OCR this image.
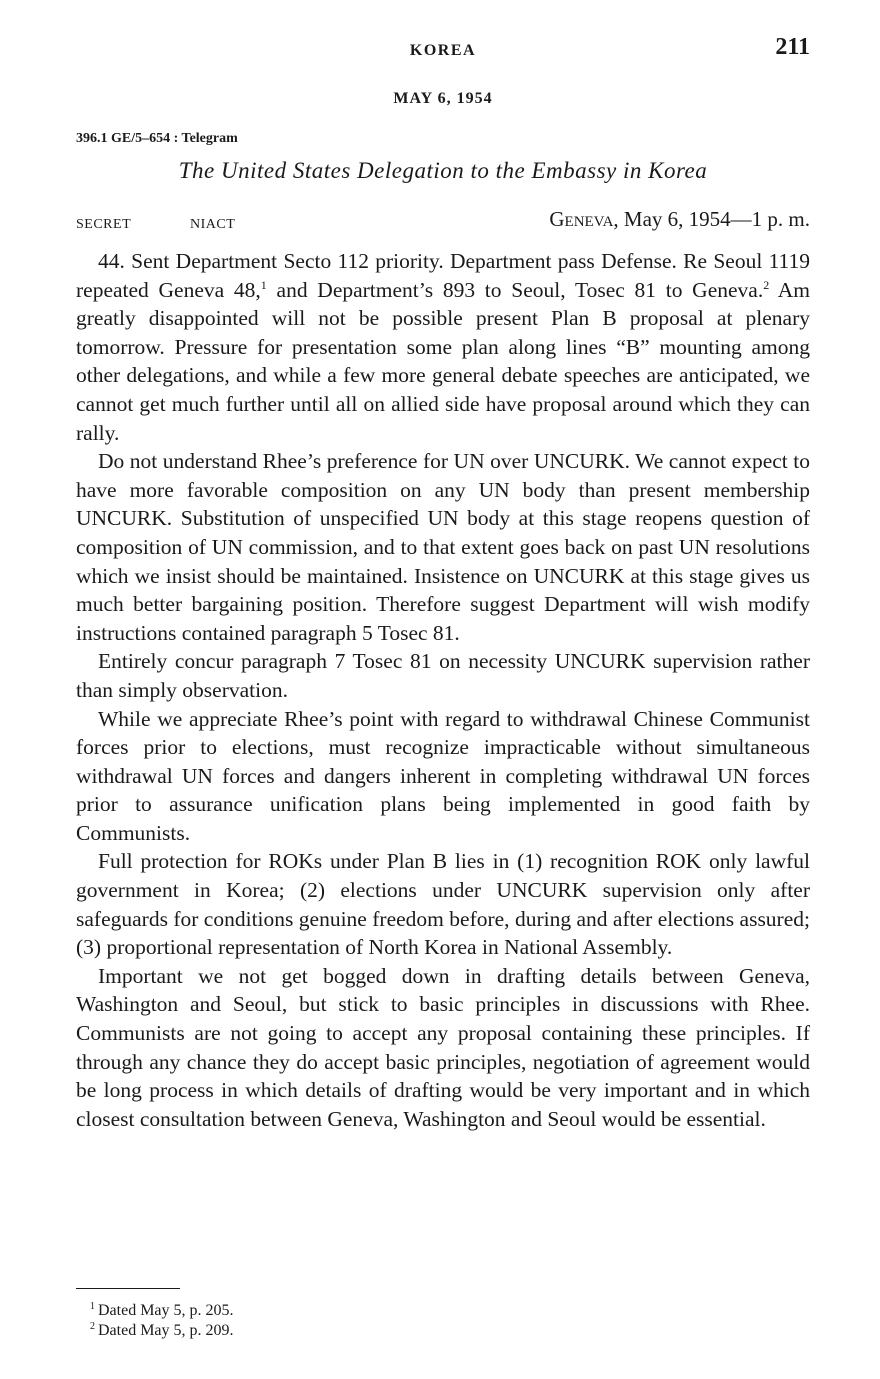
KOREA	211
MAY 6, 1954
396.1 GE/5–654 : Telegram
The United States Delegation to the Embassy in Korea
SECRET	NIACT	Geneva, May 6, 1954—1 p. m.

44. Sent Department Secto 112 priority. Department pass Defense. Re Seoul 1119 repeated Geneva 48,$^1$ and Department’s 893 to Seoul, Tosec 81 to Geneva.$^2$ Am greatly disappointed will not be possible present Plan B proposal at plenary tomorrow. Pressure for presentation some plan along lines “B” mounting among other delegations, and while a few more general debate speeches are anticipated, we cannot get much further until all on allied side have proposal around which they can rally.

Do not understand Rhee’s preference for UN over UNCURK. We cannot expect to have more favorable composition on any UN body than present membership UNCURK. Substitution of unspecified UN body at this stage reopens question of composition of UN commission, and to that extent goes back on past UN resolutions which we insist should be maintained. Insistence on UNCURK at this stage gives us much better bargaining position. Therefore suggest Department will wish modify instructions contained paragraph 5 Tosec 81.

Entirely concur paragraph 7 Tosec 81 on necessity UNCURK supervision rather than simply observation.

While we appreciate Rhee’s point with regard to withdrawal Chinese Communist forces prior to elections, must recognize impracticable without simultaneous withdrawal UN forces and dangers inherent in completing withdrawal UN forces prior to assurance unification plans being implemented in good faith by Communists.

Full protection for ROKs under Plan B lies in (1) recognition ROK only lawful government in Korea; (2) elections under UNCURK supervision only after safeguards for conditions genuine freedom before, during and after elections assured; (3) proportional representation of North Korea in National Assembly.

Important we not get bogged down in drafting details between Geneva, Washington and Seoul, but stick to basic principles in discussions with Rhee. Communists are not going to accept any proposal containing these principles. If through any chance they do accept basic principles, negotiation of agreement would be long process in which details of drafting would be very important and in which closest consultation between Geneva, Washington and Seoul would be essential.

$^1$ Dated May 5, p. 205.
$^2$ Dated May 5, p. 209.
